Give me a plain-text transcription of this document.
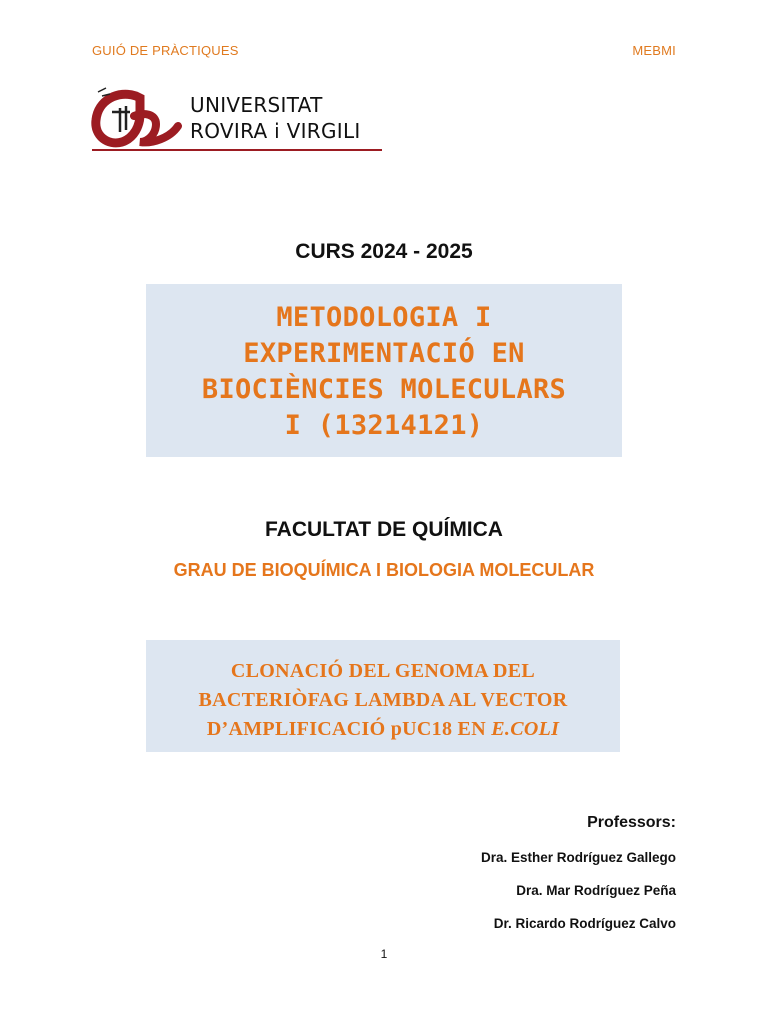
GUIÓ DE PRÀCTIQUES	MEBMI
UNIVERSITAT
ROVIRA i VIRGILI
CURS 2024 - 2025
METODOLOGIA I
EXPERIMENTACIÓ EN
BIOCIÈNCIES MOLECULARS
I (13214121)
FACULTAT DE QUÍMICA
GRAU DE BIOQUÍMICA I BIOLOGIA MOLECULAR
CLONACIÓ DEL GENOMA DEL
BACTERIÒFAG LAMBDA AL VECTOR
D’AMPLIFICACIÓ pUC18 EN E.COLI
Professors:
Dra. Esther Rodríguez Gallego
Dra. Mar Rodríguez Peña
Dr. Ricardo Rodríguez Calvo
1
